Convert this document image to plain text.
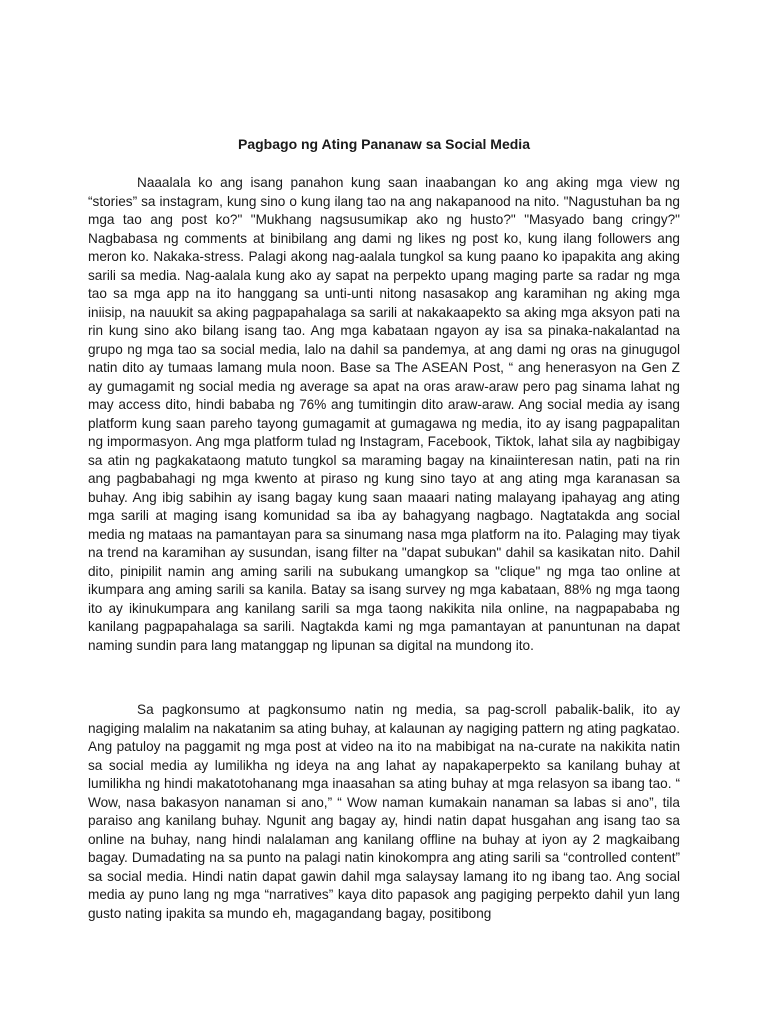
Pagbago ng Ating Pananaw sa Social Media

Naaalala ko ang isang panahon kung saan inaabangan ko ang aking mga view ng “stories” sa instagram, kung sino o kung ilang tao na ang nakapanood na nito. "Nagustuhan ba ng mga tao ang post ko?" "Mukhang nagsusumikap ako ng husto?" "Masyado bang cringy?" Nagbabasa ng comments at binibilang ang dami ng likes ng post ko, kung ilang followers ang meron ko. Nakaka-stress. Palagi akong nag-aalala tungkol sa kung paano ko ipapakita ang aking sarili sa media. Nag-aalala kung ako ay sapat na perpekto upang maging parte sa radar ng mga tao sa mga app na ito hanggang sa unti-unti nitong nasasakop ang karamihan ng aking mga iniisip, na nauukit sa aking pagpapahalaga sa sarili at nakakaapekto sa aking mga aksyon pati na rin kung sino ako bilang isang tao. Ang mga kabataan ngayon ay isa sa pinaka-nakalantad na grupo ng mga tao sa social media, lalo na dahil sa pandemya, at ang dami ng oras na ginugugol natin dito ay tumaas lamang mula noon. Base sa The ASEAN Post, “ ang henerasyon na Gen Z ay gumagamit ng social media ng average sa apat na oras araw-araw pero pag sinama lahat ng may access dito, hindi bababa ng 76% ang tumitingin dito araw-araw. Ang social media ay isang platform kung saan pareho tayong gumagamit at gumagawa ng media, ito ay isang pagpapalitan ng impormasyon. Ang mga platform tulad ng Instagram, Facebook, Tiktok, lahat sila ay nagbibigay sa atin ng pagkakataong matuto tungkol sa maraming bagay na kinaiinteresan natin, pati na rin ang pagbabahagi ng mga kwento at piraso ng kung sino tayo at ang ating mga karanasan sa buhay. Ang ibig sabihin ay isang bagay kung saan maaari nating malayang ipahayag ang ating mga sarili at maging isang komunidad sa iba ay bahagyang nagbago. Nagtatakda ang social media ng mataas na pamantayan para sa sinumang nasa mga platform na ito. Palaging may tiyak na trend na karamihan ay susundan, isang filter na "dapat subukan" dahil sa kasikatan nito. Dahil dito, pinipilit namin ang aming sarili na subukang umangkop sa "clique" ng mga tao online at ikumpara ang aming sarili sa kanila. Batay sa isang survey ng mga kabataan, 88% ng mga taong ito ay ikinukumpara ang kanilang sarili sa mga taong nakikita nila online, na nagpapababa ng kanilang pagpapahalaga sa sarili. Nagtakda kami ng mga pamantayan at panuntunan na dapat naming sundin para lang matanggap ng lipunan sa digital na mundong ito.

Sa pagkonsumo at pagkonsumo natin ng media, sa pag-scroll pabalik-balik, ito ay nagiging malalim na nakatanim sa ating buhay, at kalaunan ay nagiging pattern ng ating pagkatao. Ang patuloy na paggamit ng mga post at video na ito na mabibigat na na-curate na nakikita natin sa social media ay lumilikha ng ideya na ang lahat ay napakaperpekto sa kanilang buhay at lumilikha ng hindi makatotohanang mga inaasahan sa ating buhay at mga relasyon sa ibang tao. “ Wow, nasa bakasyon nanaman si ano,” “ Wow naman kumakain nanaman sa labas si ano”, tila paraiso ang kanilang buhay. Ngunit ang bagay ay, hindi natin dapat husgahan ang isang tao sa online na buhay, nang hindi nalalaman ang kanilang offline na buhay at iyon ay 2 magkaibang bagay. Dumadating na sa punto na palagi natin kinokompra ang ating sarili sa “controlled content” sa social media. Hindi natin dapat gawin dahil mga salaysay lamang ito ng ibang tao. Ang social media ay puno lang ng mga “narratives” kaya dito papasok ang pagiging perpekto dahil yun lang gusto nating ipakita sa mundo eh, magagandang bagay, positibong
